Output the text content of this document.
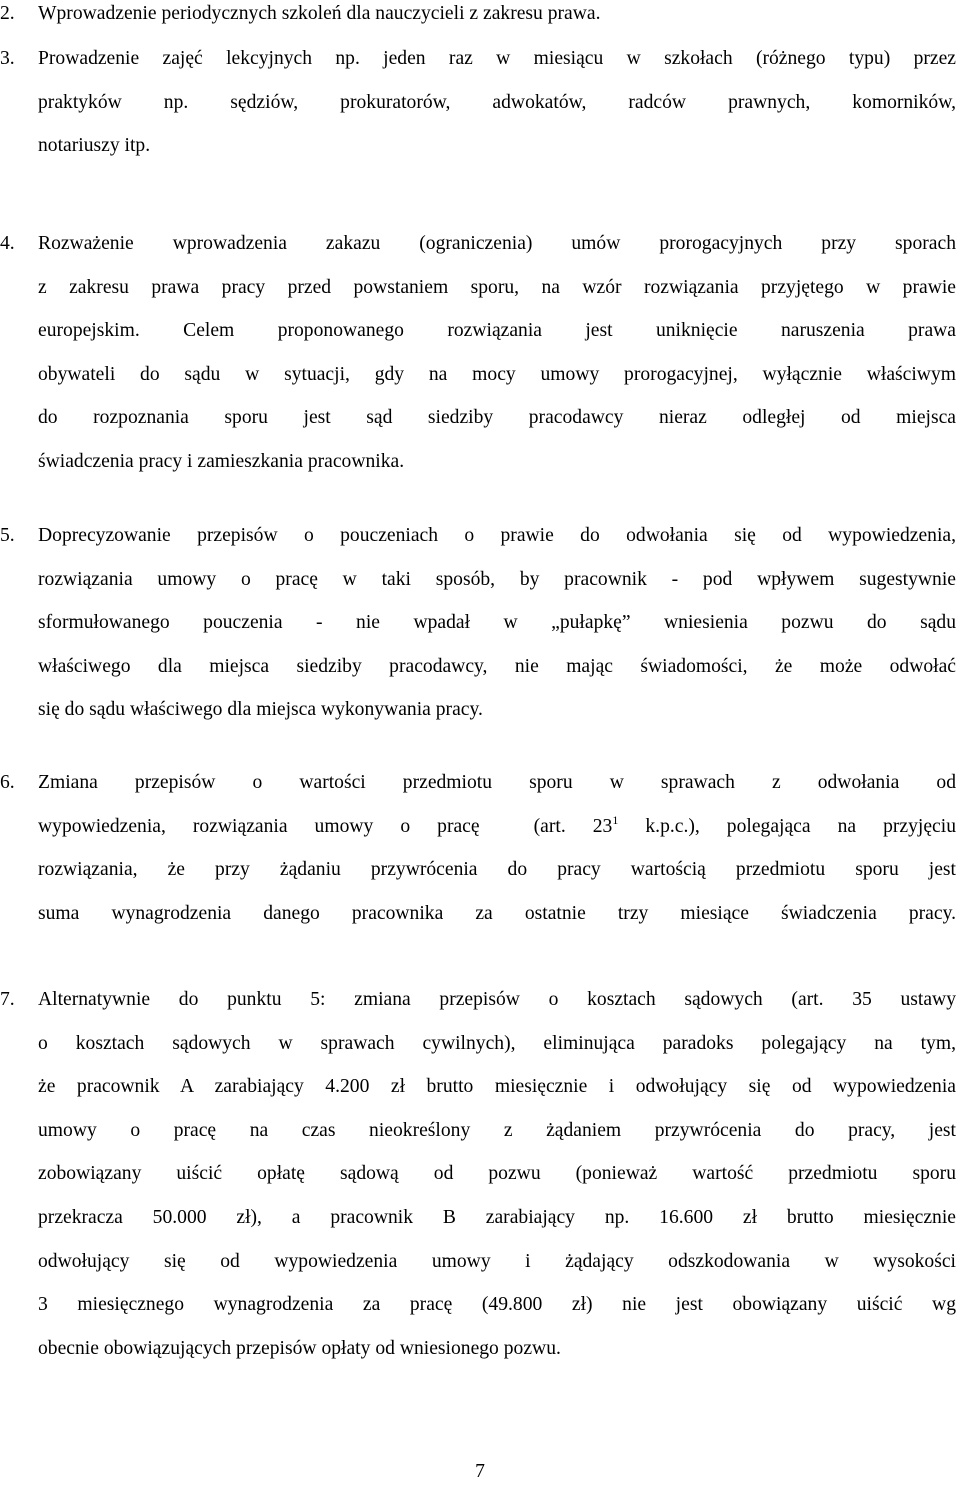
2. Wprowadzenie periodycznych szkoleń dla nauczycieli z zakresu prawa.
3. Prowadzenie zajęć lekcyjnych np. jeden raz w miesiącu w szkołach (różnego typu) przez
praktyków np. sędziów, prokuratorów, adwokatów, radców prawnych, komorników,
notariuszy itp.
4. Rozważenie wprowadzenia zakazu (ograniczenia) umów prorogacyjnych przy sporach
z zakresu prawa pracy przed powstaniem sporu, na wzór rozwiązania przyjętego w prawie
europejskim. Celem proponowanego rozwiązania jest uniknięcie naruszenia prawa
obywateli do sądu w sytuacji, gdy na mocy umowy prorogacyjnej, wyłącznie właściwym
do rozpoznania sporu jest sąd siedziby pracodawcy nieraz odległej od miejsca
świadczenia pracy i zamieszkania pracownika.
5. Doprecyzowanie przepisów o pouczeniach o prawie do odwołania się od wypowiedzenia,
rozwiązania umowy o pracę w taki sposób, by pracownik - pod wpływem sugestywnie
sformułowanego pouczenia - nie wpadał w „pułapkę” wniesienia pozwu do sądu
właściwego dla miejsca siedziby pracodawcy, nie mając świadomości, że może odwołać
się do sądu właściwego dla miejsca wykonywania pracy.
6. Zmiana przepisów o wartości przedmiotu sporu w sprawach z odwołania od
wypowiedzenia, rozwiązania umowy o pracę  (art. $23^1$ k.p.c.), polegająca na przyjęciu
rozwiązania, że przy żądaniu przywrócenia do pracy wartością przedmiotu sporu jest
suma wynagrodzenia danego pracownika za ostatnie trzy miesiące świadczenia pracy.
7. Alternatywnie do punktu 5: zmiana przepisów o kosztach sądowych (art. 35 ustawy
o kosztach sądowych w sprawach cywilnych), eliminująca paradoks polegający na tym,
że pracownik A zarabiający 4.200 zł brutto miesięcznie i odwołujący się od wypowiedzenia
umowy o pracę na czas nieokreślony z żądaniem przywrócenia do pracy, jest
zobowiązany uiścić opłatę sądową od pozwu (ponieważ wartość przedmiotu sporu
przekracza 50.000 zł), a pracownik B zarabiający np. 16.600 zł brutto miesięcznie
odwołujący się od wypowiedzenia umowy i żądający odszkodowania w wysokości
3 miesięcznego wynagrodzenia za pracę (49.800 zł) nie jest obowiązany uiścić wg
obecnie obowiązujących przepisów opłaty od wniesionego pozwu.
7
